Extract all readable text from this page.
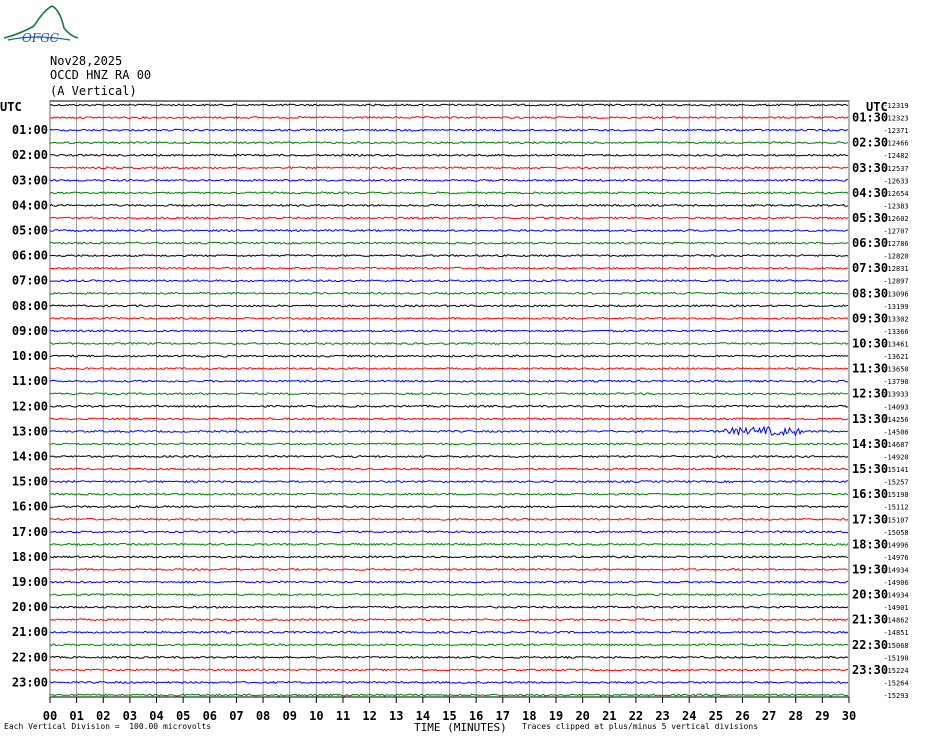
OFGC
Nov28,2025
OCCD HNZ RA 00
(A Vertical)
UTC	UTC
-12319
-12323
-12371
-12466
-12482
-12537
-12633
-12654
-12383
-12602
-12707
-12786
-12820
-12831
-12897
-13096
-13199
-13302
-13366
-13461
-13621
-13650
-13790
-13933
-14093
-14256
-14506
-14687
-14920
-15141
-15257
-15198
-15112
-15107
-15058
-14996
-14976
-14934
-14906
-14934
-14901
-14862
-14851
-15068
-15190
-15224
-15264
-15293
01:00
02:00
03:00
04:00
05:00
06:00
07:00
08:00
09:00
10:00
11:00
12:00
13:00
14:00
15:00
16:00
17:00
18:00
19:00
20:00
21:00
22:00
23:00
01:30
02:30
03:30
04:30
05:30
06:30
07:30
08:30
09:30
10:30
11:30
12:30
13:30
14:30
15:30
16:30
17:30
18:30
19:30
20:30
21:30
22:30
23:30
00 01 02 03 04 05 06 07 08 09 10 11 12 13 14 15 16 17 18 19 20 21 22 23 24 25 26 27 28 29 30
Each Vertical Division =  100.00 microvolts	TIME (MINUTES) Traces clipped at plus/minus 5 vertical divisions
